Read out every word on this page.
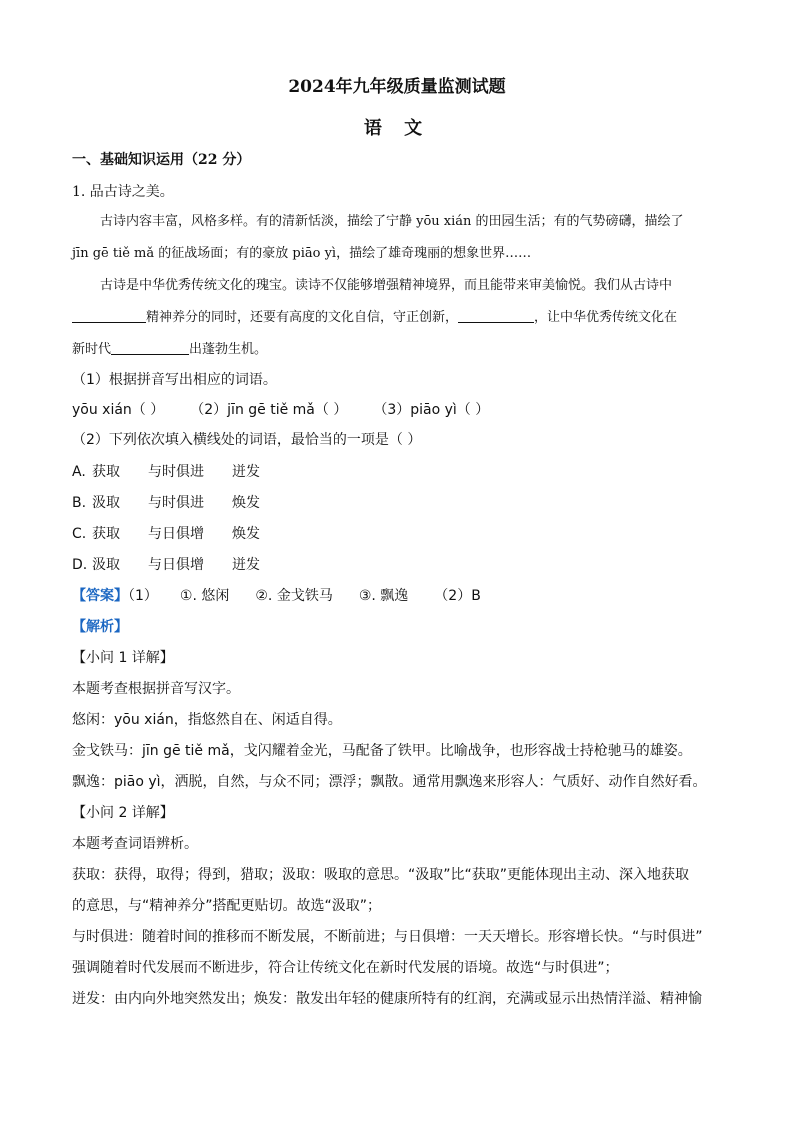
2024年九年级质量监测试题
语 文
一、基础知识运用（22 分）
1. 品古诗之美。
古诗内容丰富，风格多样。有的清新恬淡，描绘了宁静 yōu xián 的田园生活；有的气势磅礴，描绘了
jīn gē tiě mǎ 的征战场面；有的豪放 piāo yì，描绘了雄奇瑰丽的想象世界……
古诗是中华优秀传统文化的瑰宝。读诗不仅能够增强精神境界，而且能带来审美愉悦。我们从古诗中
精神养分的同时，还要有高度的文化自信，守正创新，	，让中华优秀传统文化在
新时代	出蓬勃生机。
（1）根据拼音写出相应的词语。
yōu xián（ ） （2）jīn gē tiě mǎ（ ） （3）piāo yì（ ）
（2）下列依次填入横线处的词语，最恰当的一项是（ ）
A. 获取 与时俱进 迸发
B. 汲取 与时俱进 焕发
C. 获取 与日俱增 焕发
D. 汲取 与日俱增 迸发
【答案】（1） ①. 悠闲 ②. 金戈铁马 ③. 飘逸 （2）B
【解析】
【小问 1 详解】
本题考查根据拼音写汉字。
悠闲：yōu xián，指悠然自在、闲适自得。
金戈铁马：jīn gē tiě mǎ，戈闪耀着金光，马配备了铁甲。比喻战争，也形容战士持枪驰马的雄姿。
飘逸：piāo yì，洒脱，自然，与众不同；漂浮；飘散。通常用飘逸来形容人：气质好、动作自然好看。
【小问 2 详解】
本题考查词语辨析。
获取：获得，取得；得到，猎取；汲取：吸取的意思。“汲取”比“获取”更能体现出主动、深入地获取
的意思，与“精神养分”搭配更贴切。故选“汲取”；
与时俱进：随着时间的推移而不断发展，不断前进；与日俱增：一天天增长。形容增长快。“与时俱进”
强调随着时代发展而不断进步，符合让传统文化在新时代发展的语境。故选“与时俱进”；
迸发：由内向外地突然发出；焕发：散发出年轻的健康所特有的红润，充满或显示出热情洋溢、精神愉
